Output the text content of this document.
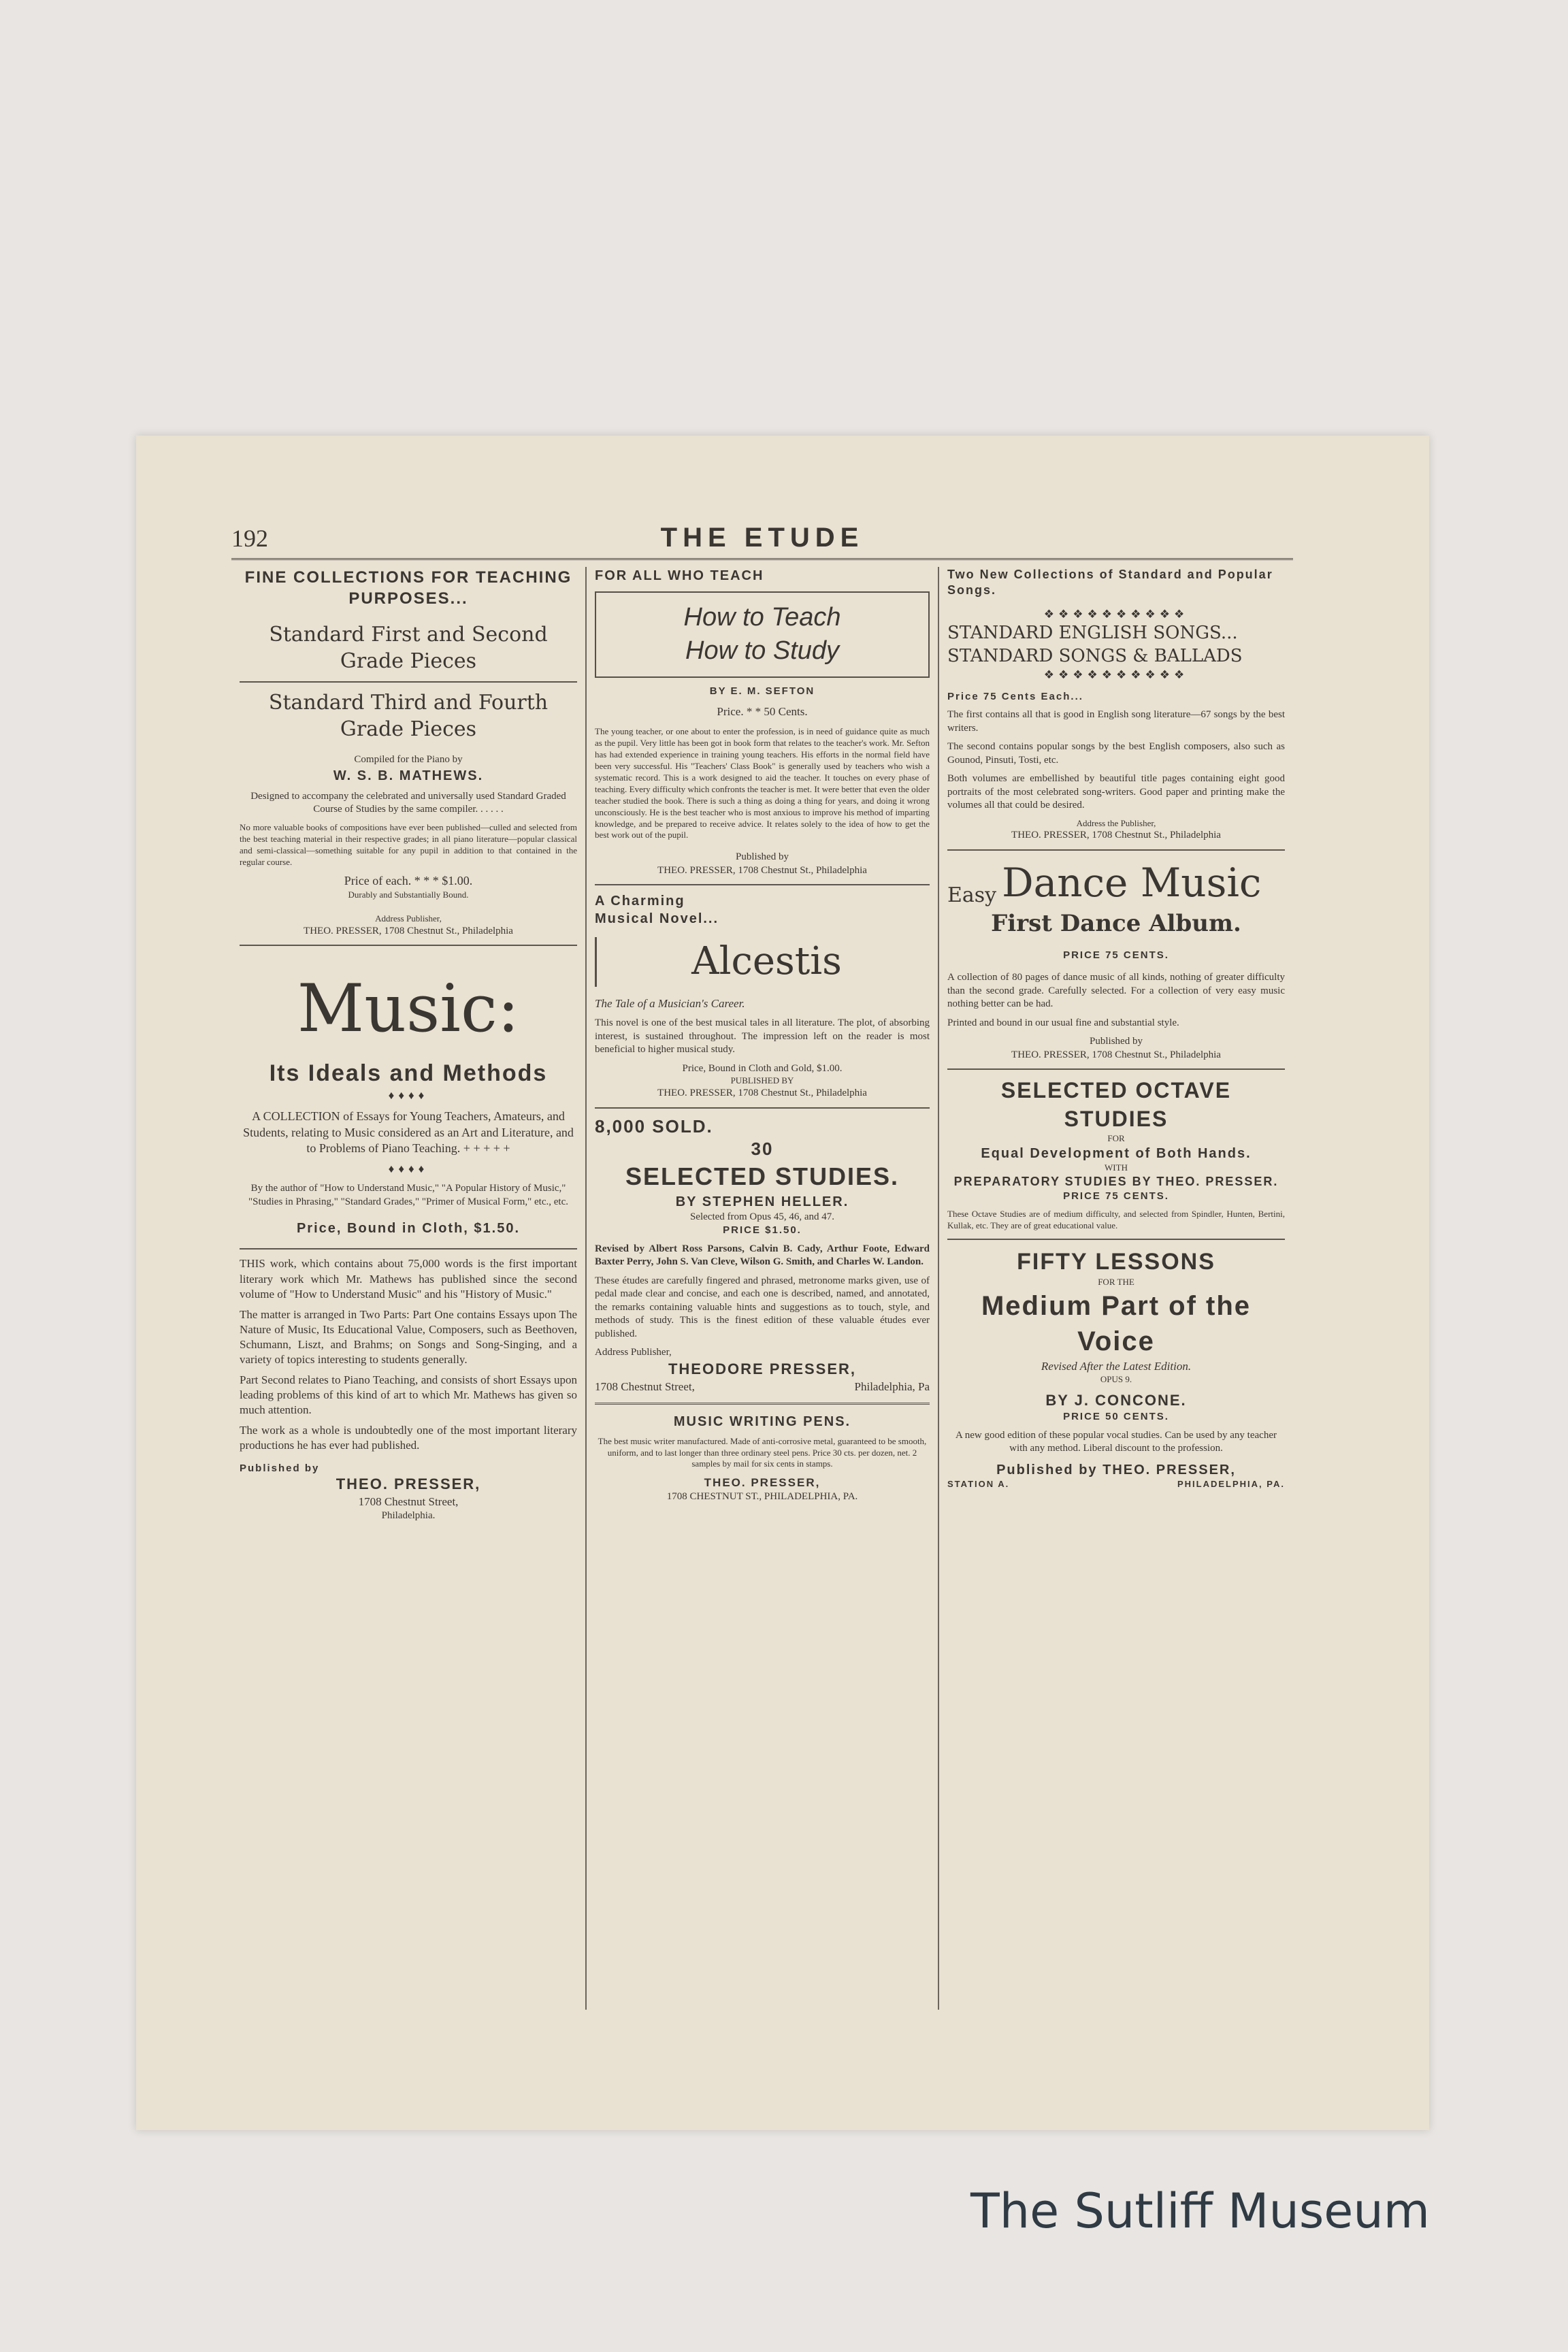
192	THE ETUDE
FINE COLLECTIONS FOR TEACHING PURPOSES...
Standard First and Second Grade Pieces
Standard Third and Fourth Grade Pieces
Compiled for the Piano by
W. S. B. MATHEWS.

Designed to accompany the celebrated and universally used Standard Graded Course of Studies by the same compiler. . . . . .

No more valuable books of compositions have ever been published—culled and selected from the best teaching material in their respective grades; in all piano literature—popular classical and semi-classical—something suitable for any pupil in addition to that contained in the regular course.

Price of each. * * * $1.00.
Durably and Substantially Bound.
Address Publisher,
THEO. PRESSER, 1708 Chestnut St., Philadelphia
Music:
Its Ideals and Methods
♦♦♦♦

A COLLECTION of Essays for Young Teachers, Amateurs, and Students, relating to Music considered as an Art and Literature, and to Problems of Piano Teaching. + + + + +

♦♦♦♦

By the author of "How to Understand Music," "A Popular History of Music," "Studies in Phrasing," "Standard Grades," "Primer of Musical Form," etc., etc.

Price, Bound in Cloth, $1.50.

THIS work, which contains about 75,000 words is the first important literary work which Mr. Mathews has published since the second volume of "How to Understand Music" and his "History of Music."

The matter is arranged in Two Parts: Part One contains Essays upon The Nature of Music, Its Educational Value, Composers, such as Beethoven, Schumann, Liszt, and Brahms; on Songs and Song-Singing, and a variety of topics interesting to students generally.

Part Second relates to Piano Teaching, and consists of short Essays upon leading problems of this kind of art to which Mr. Mathews has given so much attention.

The work as a whole is undoubtedly one of the most important literary productions he has ever had published.

Published by
THEO. PRESSER,
1708 Chestnut Street,
Philadelphia.
FOR ALL WHO TEACH
How to Teach
How to Study
BY E. M. SEFTON
Price. * * 50 Cents.

The young teacher, or one about to enter the profession, is in need of guidance quite as much as the pupil. Very little has been got in book form that relates to the teacher's work. Mr. Sefton has had extended experience in training young teachers. His efforts in the normal field have been very successful. His "Teachers' Class Book" is generally used by teachers who wish a systematic record. This is a work designed to aid the teacher. It touches on every phase of teaching. Every difficulty which confronts the teacher is met. It were better that even the older teacher studied the book. There is such a thing as doing a thing for years, and doing it wrong unconsciously. He is the best teacher who is most anxious to improve his method of imparting knowledge, and be prepared to receive advice. It relates solely to the idea of how to get the best work out of the pupil.

Published by
THEO. PRESSER, 1708 Chestnut St., Philadelphia
A Charming
Musical Novel...
Alcestis
The Tale of a Musician's Career.

This novel is one of the best musical tales in all literature. The plot, of absorbing interest, is sustained throughout. The impression left on the reader is most beneficial to higher musical study.

Price, Bound in Cloth and Gold, $1.00.
PUBLISHED BY
THEO. PRESSER, 1708 Chestnut St., Philadelphia
8,000 SOLD.
30
SELECTED STUDIES.
BY STEPHEN HELLER.
Selected from Opus 45, 46, and 47.
PRICE $1.50.

Revised by Albert Ross Parsons, Calvin B. Cady, Arthur Foote, Edward Baxter Perry, John S. Van Cleve, Wilson G. Smith, and Charles W. Landon.

These études are carefully fingered and phrased, metronome marks given, use of pedal made clear and concise, and each one is described, named, and annotated, the remarks containing valuable hints and suggestions as to touch, style, and methods of study. This is the finest edition of these valuable études ever published.

Address Publisher,
THEODORE PRESSER,
1708 Chestnut Street,	Philadelphia, Pa
MUSIC WRITING PENS.

The best music writer manufactured. Made of anti-corrosive metal, guaranteed to be smooth, uniform, and to last longer than three ordinary steel pens. Price 30 cts. per dozen, net. 2 samples by mail for six cents in stamps.

THEO. PRESSER,
1708 CHESTNUT ST., PHILADELPHIA, PA.
Two New Collections of Standard and Popular Songs.
❖❖❖❖❖❖❖❖❖❖
STANDARD ENGLISH SONGS...
STANDARD SONGS & BALLADS
❖❖❖❖❖❖❖❖❖❖
Price 75 Cents Each...

The first contains all that is good in English song literature—67 songs by the best writers.

The second contains popular songs by the best English composers, also such as Gounod, Pinsuti, Tosti, etc.

Both volumes are embellished by beautiful title pages containing eight good portraits of the most celebrated song-writers. Good paper and printing make the volumes all that could be desired.

Address the Publisher,
THEO. PRESSER, 1708 Chestnut St., Philadelphia
Easy Dance Music
First Dance Album.
PRICE 75 CENTS.

A collection of 80 pages of dance music of all kinds, nothing of greater difficulty than the second grade. Carefully selected. For a collection of very easy music nothing better can be had.

Printed and bound in our usual fine and substantial style.

Published by
THEO. PRESSER, 1708 Chestnut St., Philadelphia
SELECTED OCTAVE STUDIES
FOR
Equal Development of Both Hands.
WITH
PREPARATORY STUDIES BY THEO. PRESSER.
PRICE 75 CENTS.

These Octave Studies are of medium difficulty, and selected from Spindler, Hunten, Bertini, Kullak, etc. They are of great educational value.

FIFTY LESSONS
FOR THE
Medium Part of the Voice
Revised After the Latest Edition.
OPUS 9.
BY J. CONCONE.
PRICE 50 CENTS.

A new good edition of these popular vocal studies. Can be used by any teacher with any method. Liberal discount to the profession.

Published by THEO. PRESSER,
STATION A.	PHILADELPHIA, PA.
The Sutliff Museum
